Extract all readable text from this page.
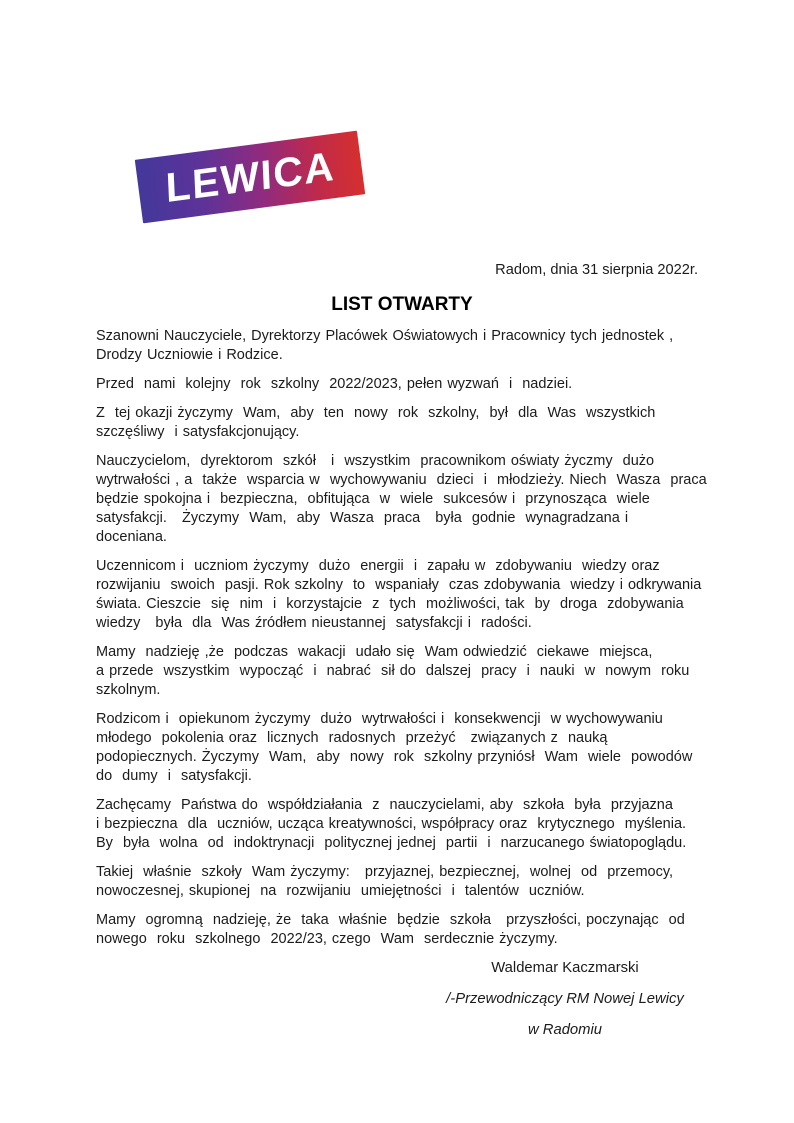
LEWICA
Radom, dnia 31 sierpnia 2022r.
LIST OTWARTY
Szanowni Nauczyciele, Dyrektorzy Placówek Oświatowych i Pracownicy tych jednostek ,
Drodzy Uczniowie i Rodzice.
Przed  nami  kolejny  rok  szkolny  2022/2023, pełen wyzwań  i  nadziei.
Z  tej okazji życzymy  Wam,  aby  ten  nowy  rok  szkolny,  był  dla  Was  wszystkich
szczęśliwy  i satysfakcjonujący.
Nauczycielom,  dyrektorom  szkół   i  wszystkim  pracownikom oświaty życzmy  dużo
wytrwałości , a  także  wsparcia w  wychowywaniu  dzieci  i  młodzieży. Niech  Wasza  praca
będzie spokojna i  bezpieczna,  obfitująca  w  wiele  sukcesów i  przynosząca  wiele
satysfakcji.   Życzymy  Wam,  aby  Wasza  praca   była  godnie  wynagradzana i  doceniana.
Uczennicom i  uczniom życzymy  dużo  energii  i  zapału w  zdobywaniu  wiedzy oraz
rozwijaniu  swoich  pasji. Rok szkolny  to  wspaniały  czas zdobywania  wiedzy i odkrywania
świata. Cieszcie  się  nim  i  korzystajcie  z  tych  możliwości, tak  by  droga  zdobywania
wiedzy   była  dla  Was źródłem nieustannej  satysfakcji i  radości.
Mamy  nadzieję ,że  podczas  wakacji  udało się  Wam odwiedzić  ciekawe  miejsca,
a przede  wszystkim  wypocząć  i  nabrać  sił do  dalszej  pracy  i  nauki  w  nowym  roku
szkolnym.
Rodzicom i  opiekunom życzymy  dużo  wytrwałości i  konsekwencji  w wychowywaniu
młodego  pokolenia oraz  licznych  radosnych  przeżyć   związanych z  nauką
podopiecznych. Życzymy  Wam,  aby  nowy  rok  szkolny przyniósł  Wam  wiele  powodów
do  dumy  i  satysfakcji.
Zachęcamy  Państwa do  współdziałania  z  nauczycielami, aby  szkoła  była  przyjazna
i bezpieczna  dla  uczniów, ucząca kreatywności, współpracy oraz  krytycznego  myślenia.
By  była  wolna  od  indoktrynacji  politycznej jednej  partii  i  narzucanego światopoglądu.
Takiej  właśnie  szkoły  Wam życzymy:   przyjaznej, bezpiecznej,  wolnej  od  przemocy,
nowoczesnej, skupionej  na  rozwijaniu  umiejętności  i  talentów  uczniów.
Mamy  ogromną  nadzieję, że  taka  właśnie  będzie  szkoła   przyszłości, poczynając  od
nowego  roku  szkolnego  2022/23, czego  Wam  serdecznie życzymy.
Waldemar Kaczmarski
/-Przewodniczący RM Nowej Lewicy
w Radomiu
